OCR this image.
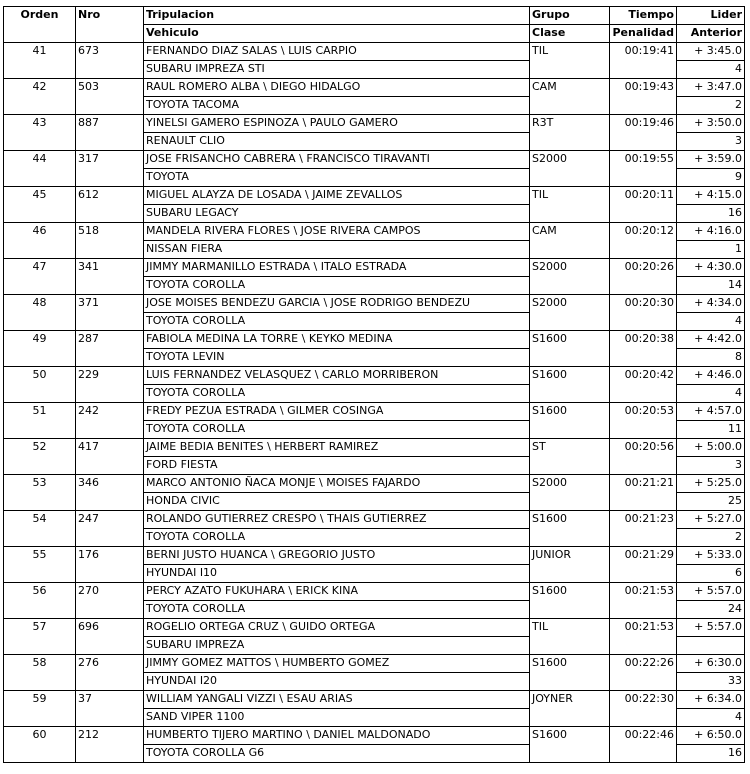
Orden	Nro	Tripulacion	Grupo	Tiempo	Lider
		Vehiculo	Clase	Penalidad	Anterior
41	673	FERNANDO DIAZ SALAS \ LUIS CARPIO	TIL	00:19:41	+ 3:45.0
		SUBARU IMPREZA STI			4
42	503	RAUL ROMERO ALBA \ DIEGO HIDALGO	CAM	00:19:43	+ 3:47.0
		TOYOTA TACOMA			2
43	887	YINELSI GAMERO ESPINOZA \ PAULO GAMERO	R3T	00:19:46	+ 3:50.0
		RENAULT CLIO			3
44	317	JOSE FRISANCHO CABRERA \ FRANCISCO TIRAVANTI	S2000	00:19:55	+ 3:59.0
		TOYOTA			9
45	612	MIGUEL ALAYZA DE LOSADA \ JAIME ZEVALLOS	TIL	00:20:11	+ 4:15.0
		SUBARU LEGACY			16
46	518	MANDELA RIVERA FLORES \ JOSE RIVERA CAMPOS	CAM	00:20:12	+ 4:16.0
		NISSAN FIERA			1
47	341	JIMMY MARMANILLO ESTRADA \ ITALO ESTRADA	S2000	00:20:26	+ 4:30.0
		TOYOTA COROLLA			14
48	371	JOSE MOISES BENDEZU GARCIA \ JOSE RODRIGO BENDEZU	S2000	00:20:30	+ 4:34.0
		TOYOTA COROLLA			4
49	287	FABIOLA MEDINA LA TORRE \ KEYKO MEDINA	S1600	00:20:38	+ 4:42.0
		TOYOTA LEVIN			8
50	229	LUIS FERNANDEZ VELASQUEZ \ CARLO MORRIBERON	S1600	00:20:42	+ 4:46.0
		TOYOTA COROLLA			4
51	242	FREDY PEZUA ESTRADA \ GILMER COSINGA	S1600	00:20:53	+ 4:57.0
		TOYOTA COROLLA			11
52	417	JAIME BEDIA BENITES \ HERBERT RAMIREZ	ST	00:20:56	+ 5:00.0
		FORD FIESTA			3
53	346	MARCO ANTONIO ÑACA MONJE \ MOISES FAJARDO	S2000	00:21:21	+ 5:25.0
		HONDA CIVIC			25
54	247	ROLANDO GUTIERREZ CRESPO \ THAIS GUTIERREZ	S1600	00:21:23	+ 5:27.0
		TOYOTA COROLLA			2
55	176	BERNI JUSTO HUANCA \ GREGORIO JUSTO	JUNIOR	00:21:29	+ 5:33.0
		HYUNDAI I10			6
56	270	PERCY AZATO FUKUHARA \ ERICK KINA	S1600	00:21:53	+ 5:57.0
		TOYOTA COROLLA			24
57	696	ROGELIO ORTEGA CRUZ \ GUIDO ORTEGA	TIL	00:21:53	+ 5:57.0
		SUBARU IMPREZA			
58	276	JIMMY GOMEZ MATTOS \ HUMBERTO GOMEZ	S1600	00:22:26	+ 6:30.0
		HYUNDAI I20			33
59	37	WILLIAM YANGALI VIZZI \ ESAU ARIAS	JOYNER	00:22:30	+ 6:34.0
		SAND VIPER 1100			4
60	212	HUMBERTO TIJERO MARTINO \ DANIEL MALDONADO	S1600	00:22:46	+ 6:50.0
		TOYOTA COROLLA G6			16
